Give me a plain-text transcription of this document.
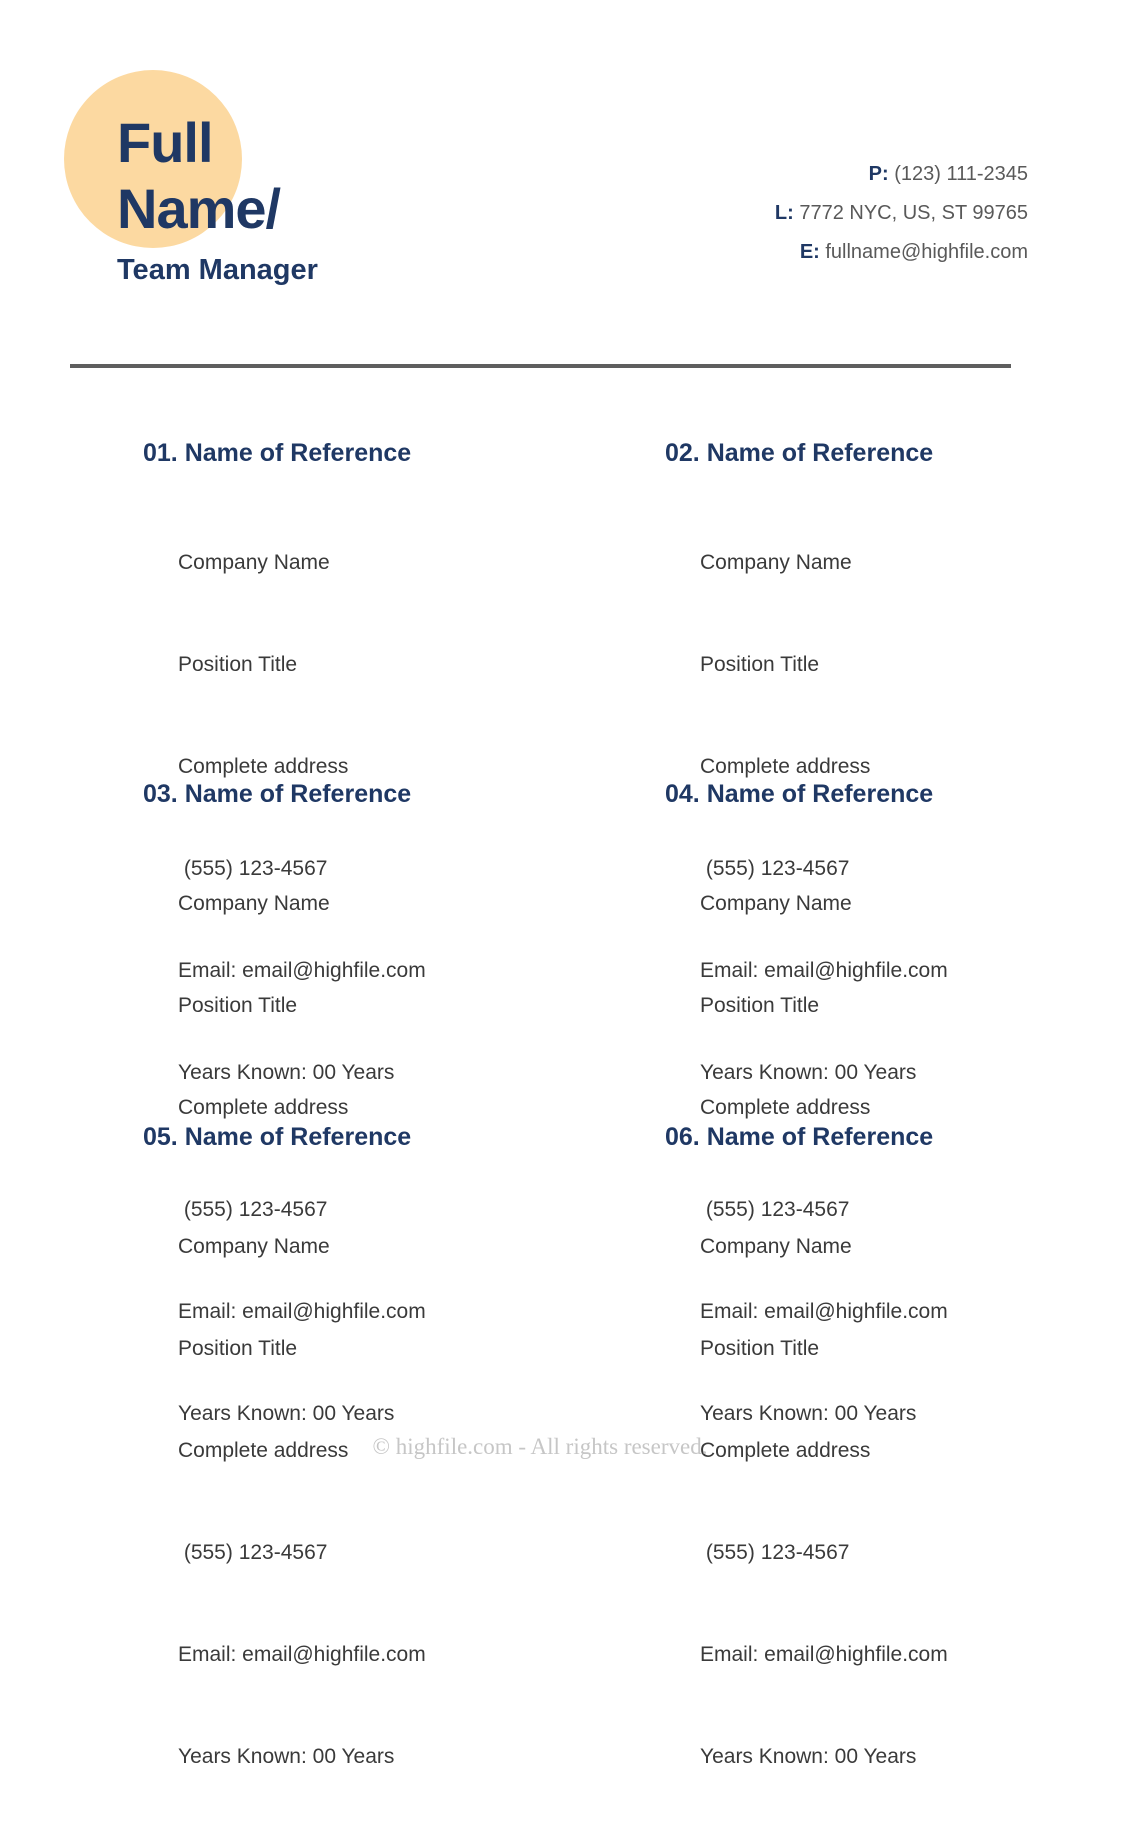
Full
Name/
Team Manager
P: (123) 111-2345
L: 7772 NYC, US, ST 99765
E: fullname@highfile.com
01. Name of Reference

Company Name

Position Title

Complete address

(555) 123-4567

Email: email@highfile.com

Years Known: 00 Years

02. Name of Reference

Company Name

Position Title

Complete address

(555) 123-4567

Email: email@highfile.com

Years Known: 00 Years

03. Name of Reference

Company Name

Position Title

Complete address

(555) 123-4567

Email: email@highfile.com

Years Known: 00 Years

04. Name of Reference

Company Name

Position Title

Complete address

(555) 123-4567

Email: email@highfile.com

Years Known: 00 Years

05. Name of Reference

Company Name

Position Title

Complete address

(555) 123-4567

Email: email@highfile.com

Years Known: 00 Years

06. Name of Reference

Company Name

Position Title

Complete address

(555) 123-4567

Email: email@highfile.com

Years Known: 00 Years

© highfile.com - All rights reserved.
